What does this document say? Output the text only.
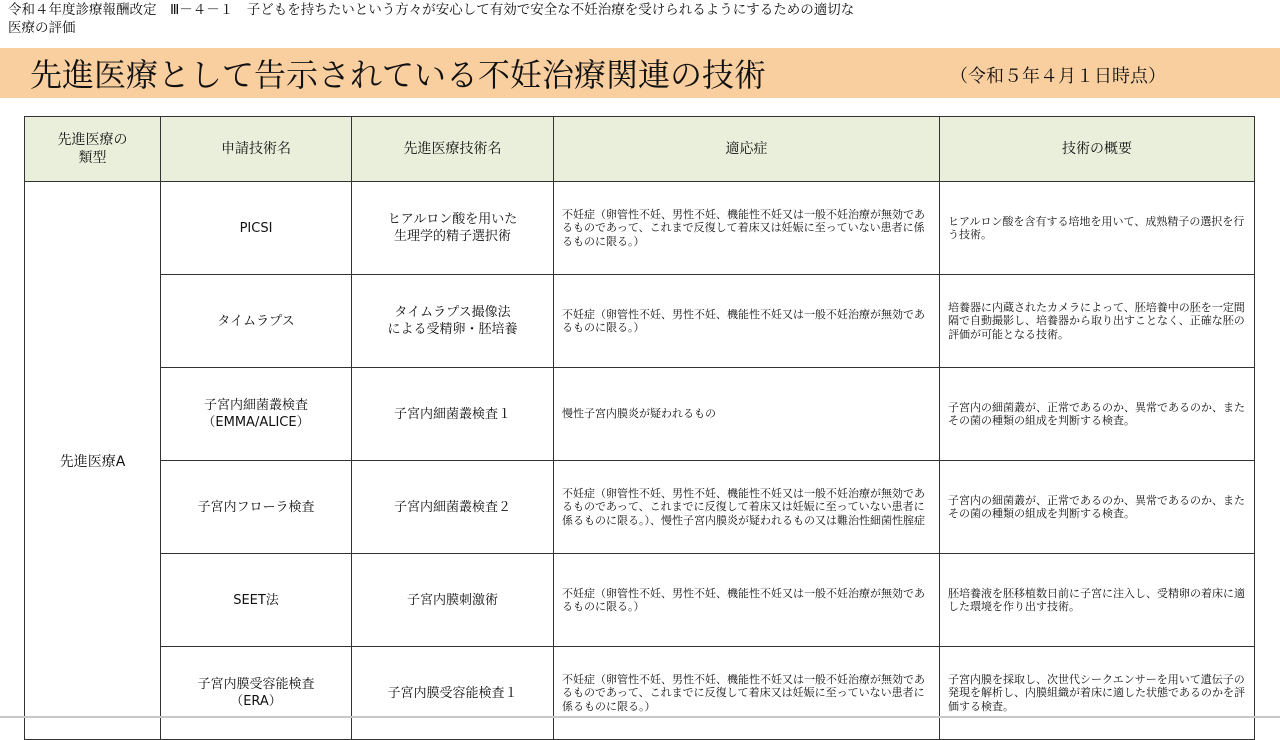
令和４年度診療報酬改定　Ⅲ－４－１　子どもを持ちたいという方々が安心して有効で安全な不妊治療を受けられるようにするための適切な
医療の評価
先進医療として告示されている不妊治療関連の技術	（令和５年４月１日時点）
先進医療の
類型	申請技術名	先進医療技術名	適応症	技術の概要
先進医療A	PICSI	ヒアルロン酸を用いた
生理学的精子選択術	不妊症（卵管性不妊、男性不妊、機能性不妊又は一般不妊治療が無効であるものであって、これまで反復して着床又は妊娠に至っていない患者に係るものに限る。）	ヒアルロン酸を含有する培地を用いて、成熟精子の選択を行う技術。
	タイムラプス	タイムラプス撮像法
による受精卵・胚培養	不妊症（卵管性不妊、男性不妊、機能性不妊又は一般不妊治療が無効であるものに限る。）	培養器に内蔵されたカメラによって、胚培養中の胚を一定間隔で自動撮影し、培養器から取り出すことなく、正確な胚の評価が可能となる技術。
	子宮内細菌叢検査
（EMMA/ALICE）	子宮内細菌叢検査１	慢性子宮内膜炎が疑われるもの	子宮内の細菌叢が、正常であるのか、異常であるのか、またその菌の種類の組成を判断する検査。
	子宮内フローラ検査	子宮内細菌叢検査２	不妊症（卵管性不妊、男性不妊、機能性不妊又は一般不妊治療が無効であるものであって、これまでに反復して着床又は妊娠に至っていない患者に係るものに限る。）、慢性子宮内膜炎が疑われるもの又は難治性細菌性腟症	子宮内の細菌叢が、正常であるのか、異常であるのか、またその菌の種類の組成を判断する検査。
	SEET法	子宮内膜刺激術	不妊症（卵管性不妊、男性不妊、機能性不妊又は一般不妊治療が無効であるものに限る。）	胚培養液を胚移植数日前に子宮に注入し、受精卵の着床に適した環境を作り出す技術。
	子宮内膜受容能検査
（ERA）	子宮内膜受容能検査１	不妊症（卵管性不妊、男性不妊、機能性不妊又は一般不妊治療が無効であるものであって、これまでに反復して着床又は妊娠に至っていない患者に係るものに限る。）	子宮内膜を採取し、次世代シークエンサーを用いて遺伝子の発現を解析し、内膜組織が着床に適した状態であるのかを評価する検査。
